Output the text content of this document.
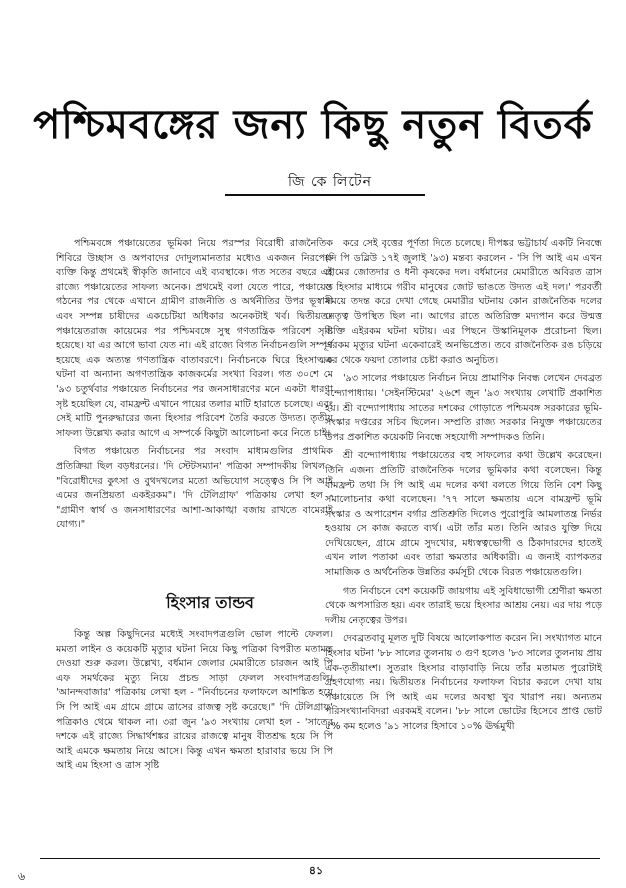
পশ্চিমবঙ্গের জন্য কিছু নতুন বিতর্ক
জি কে লিটেন

পশ্চিমবঙ্গে পঞ্চায়েতের ভূমিকা নিয়ে পরস্পর বিরোধী রাজনৈতিক শিবিরে উচ্ছাস ও অপবাদের দোদুল্যমানতার মধ্যেও একজন নিরপেক্ষ ব্যক্তি কিন্তু প্রথমেই স্বীকৃতি জানাবে এই ব্যবস্থাকে। গত সতের বছরে এই রাজ্যে পঞ্চায়েতের সাফল্য অনেক। প্রথমেই বলা যেতে পারে, পঞ্চায়েত গঠনের পর থেকে এখানে গ্রামীণ রাজনীতি ও অর্থনীতির উপর ভূস্বামী এবং সম্পন্ন চাষীদের একচেটিয়া অধিকার অনেকটাই খর্ব। দ্বিতীয়তঃ পঞ্চায়েতরাজ কায়েমের পর পশ্চিমবঙ্গে সুস্থ গণতান্ত্রিক পরিবেশ সৃষ্টি হয়েছে। যা এর আগে ভাবা যেত না। এই রাজ্যে বিগত নির্বাচনগুলি সম্পূর্ণ হয়েছে এক অত্যন্ত গণতান্ত্রিক বাতাবরণে। নির্বাচনকে ঘিরে হিংসাত্মক ঘটনা বা অন্যান্য অগণতান্ত্রিক কাজকর্মের সংখ্যা বিরল। গত ৩০শে মে '৯৩ চতুর্থবার পঞ্চায়েত নির্বাচনের পর জনসাধারণের মনে একটা ধারণা সৃষ্ট হয়েছিল যে, বামফ্রন্ট এখানে পায়ের তলার মাটি হারাতে চলেছে। এবং সেই মাটি পুনরুদ্ধারের জন্য হিংসার পরিবেশ তৈরি করতে উদ্যত। তৃতীয় সাফল্য উল্লেখ্য করার আগে এ সম্পর্কে কিছুটা আলোচনা করে নিতে চাই।

বিগত পঞ্চায়েত নির্বাচনের পর সংবাদ মাধ্যমগুলির প্রাথমিক প্রতিক্রিয়া ছিল বড়ধরনের। 'দি স্টেটসম্যান' পত্রিকা সম্পাদকীয় লিখল - "বিরোধীদের কুৎসা ও বুথদখলের মতো অভিযোগ সত্ত্বেও সি পি আই এমের জনপ্রিয়তা একইরকম"। 'দি টেলিগ্রাফ' পত্রিকায় লেখা হল - "গ্রামীণ স্বার্থ ও জনসাধারণের আশা-আকাঙ্খা বজায় রাখতে বামেরাই যোগ্য।"

হিংসার তান্ডব

কিন্তু অল্প কিছুদিনের মধ্যেই সংবাদপত্রগুলি ভোল পাল্টে ফেলল। মমতা লাইন ও কয়েকটি মৃত্যুর ঘটনা নিয়ে কিছু পত্রিকা বিপরীত মতামত দেওয়া শুরু করল। উল্লেখ্য, বর্ধমান জেলার মেমারীতে চারজন আই পি এফ সমর্থকের মৃত্যু নিয়ে প্রচন্ড সাড়া ফেলল সংবাদপত্রগুলি। 'আনন্দবাজার' পত্রিকায় লেখা হল - "নির্বাচনের ফলাফলে আশঙ্কিত হয়ে সি পি আই এম গ্রামে গ্রামে ত্রাসের রাজত্ব সৃষ্ট করেছে।" 'দি টেলিগ্রাফ' পত্রিকাও থেমে থাকল না। ৩রা জুন '৯৩ সংখ্যায় লেখা হল - 'সাতের দশকে এই রাজ্যে সিদ্ধার্থশঙ্কর রায়ের রাজত্বে মানুষ বীতশ্রদ্ধ হয়ে সি পি আই এমকে ক্ষমতায় নিয়ে আসে। কিন্তু এখন ক্ষমতা হারাবার ভয়ে সি পি আই এম হিংসা ও ত্রাস সৃষ্টি

করে সেই বৃত্তের পূর্ণতা দিতে চলেছে। দীপঙ্কর ভট্টাচার্য একটি নিবন্ধে (দি পি ডব্লিউ ১৭ই জুলাই '৯৩) মন্তব্য করলেন - 'সি পি আই এম এখন গ্রামের জোতদার ও ধনী কৃষকের দল। বর্ধমানের মেমারীতে অবিরত ত্রাস ও হিংসার মাধ্যমে গরীব মানুষের জোট ভাঙতে উদ্যত এই দল।' পরবর্তী সময়ে তদন্ত করে দেখা গেছে মেমারীর ঘটনায় কোন রাজনৈতিক দলের নেতৃত্ব উপস্থিত ছিল না। আগের রাতে অতিরিক্ত মদ্যপান করে উন্মত্ত ব্যক্তি এইরকম ঘটনা ঘটায়। এর পিছনে উস্কানিমূলক প্ররোচনা ছিল। এরকম মৃত্যুর ঘটনা একেবারেই অনভিপ্রেত। তবে রাজনৈতিক রঙ চড়িয়ে এর থেকে ফয়দা তোলার চেষ্টা করাও অনুচিত।

'৯৩ সালের পঞ্চায়েত নির্বাচন নিয়ে প্রামাণিক নিবন্ধ লেখেন দেবব্রত বন্দ্যোপাধ্যায়। 'সেইনস্টিমের' ২৬শে জুন '৯৩ সংখ্যায় লেখাটি প্রকাশিত হয়। শ্রী বন্দ্যোপাধ্যায় সাতের দশকের গোড়াতে পশ্চিমবঙ্গ সরকারের ভূমি-সংস্কার দপ্তরের সচিব ছিলেন। সম্প্রতি রাজ্য সরকার নিযুক্ত পঞ্চায়েতের উপর প্রকাশিত কয়েকটি নিবন্ধে সহযোগী সম্পাদকও তিনি।

শ্রী বন্দ্যোপাধ্যায় পঞ্চায়েতের বহু সাফল্যের কথা উল্লেখ করেছেন। তিনি এজন্য প্রতিটি রাজনৈতিক দলের ভূমিকার কথা বলেছেন। কিন্তু বামফ্রন্ট তথা সি পি আই এম দলের কথা বলতে গিয়ে তিনি বেশ কিছু সমালোচনার কথা বলেছেন। '৭৭ সালে ক্ষমতায় এসে বামফ্রন্ট ভূমি সংস্কার ও অপারেশন বর্গার প্রতিশ্রুতি দিলেও পুরোপুরি আমলাতন্ত্র নির্ভর হওয়ায় সে কাজ করতে ব্যর্থ। এটা তাঁর মত। তিনি আরও যুক্তি দিয়ে দেখিয়েছেন, গ্রামে গ্রামে সুদখোর, মধ্যস্বত্বভোগী ও ঠিকাদারদের হাতেই এখন লাল পতাকা এবং তারা ক্ষমতার অধিকারী। এ জন্যই ব্যাপকতর সামাজিক ও অর্থনৈতিক উন্নতির কর্মসূচী থেকে বিরত পঞ্চায়েতগুলি।

গত নির্বাচনে বেশ কয়েকটি জায়গায় এই সুবিধাভোগী শ্রেণীরা ক্ষমতা থেকে অপসারিত হয়। এবং তারাই ভয়ে হিংসার আশ্রয় নেয়। এর দায় পড়ে দলীয় নেতৃত্বের উপর।

দেবব্রতবাবু মূলত দুটি বিষয়ে আলোকপাত করেন নি। সংখ্যাগত মানে হিংসার ঘটনা '৮৮ সালের তুলনায় ৩ গুণ হলেও '৮৩ সালের তুলনায় প্রায় এক-তৃতীয়াংশ। সুতরাং হিংসার বাড়াবাড়ি নিয়ে তাঁর মতামত পুরোটাই গ্রহণযোগ্য নয়। দ্বিতীয়তঃ নির্বাচনের ফলাফল বিচার করলে দেখা যায় পঞ্চায়েতে সি পি আই এম দলের অবস্থা খুব খারাপ নয়। অন্যতম পরিসংখ্যানবিদরা এরকমই বলেন। '৮৮ সালে ভোটের হিসেবে প্রাপ্ত ভোট ৫% কম হলেও '৯১ সালের হিসাবে ১০% ঊর্দ্ধমুখী

৪১
৬
